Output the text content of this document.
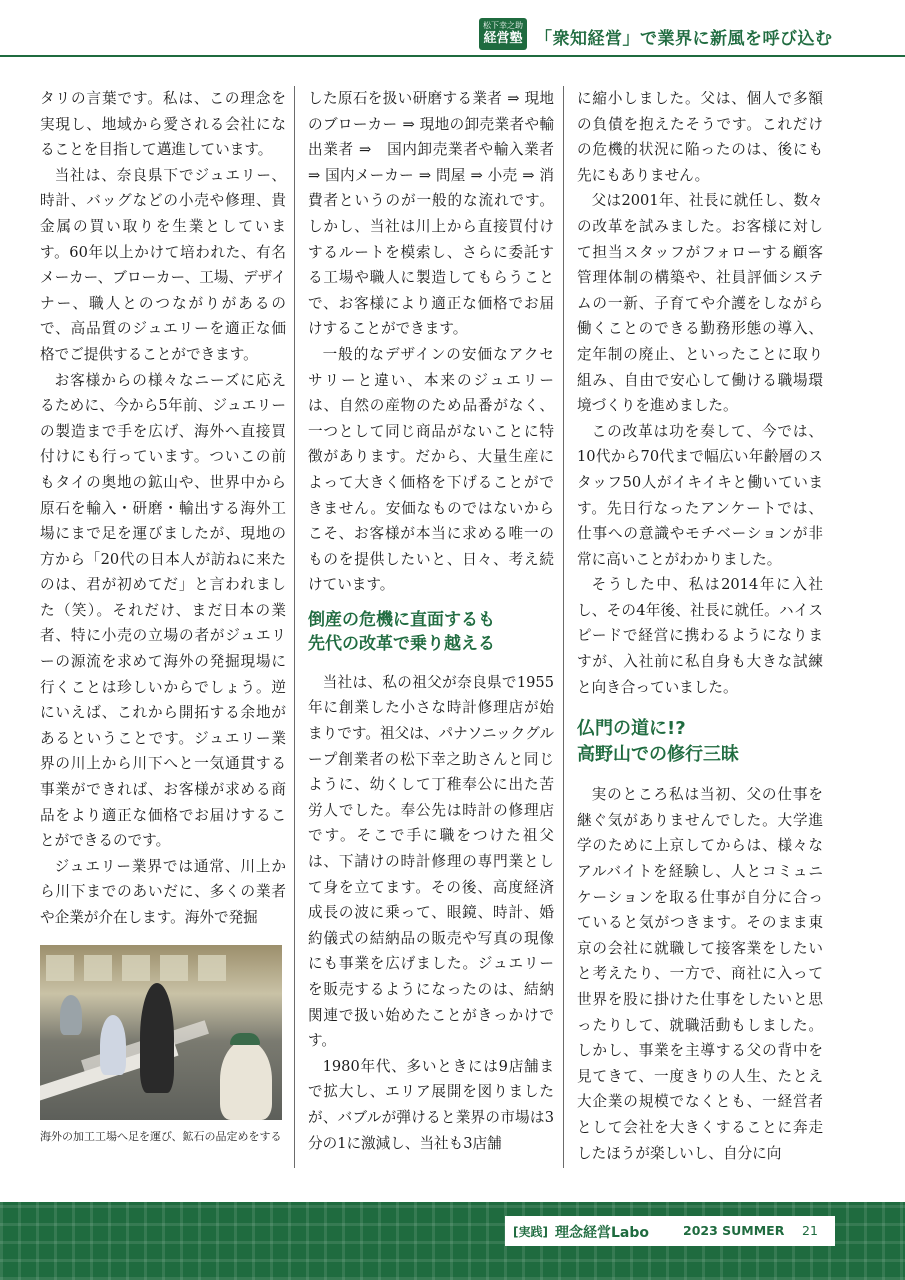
松下幸之助
経営塾 「衆知経営」で業界に新風を呼び込む

タリの言葉です。私は、この理念を実現し、地域から愛される会社になることを目指して邁進しています。

当社は、奈良県下でジュエリー、時計、バッグなどの小売や修理、貴金属の買い取りを生業としています。60年以上かけて培われた、有名メーカー、ブローカー、工場、デザイナー、職人とのつながりがあるので、高品質のジュエリーを適正な価格でご提供することができます。

お客様からの様々なニーズに応えるために、今から5年前、ジュエリーの製造まで手を広げ、海外へ直接買付けにも行っています。ついこの前もタイの奥地の鉱山や、世界中から原石を輸入・研磨・輸出する海外工場にまで足を運びましたが、現地の方から「20代の日本人が訪ねに来たのは、君が初めてだ」と言われました（笑）。それだけ、まだ日本の業者、特に小売の立場の者がジュエリーの源流を求めて海外の発掘現場に行くことは珍しいからでしょう。逆にいえば、これから開拓する余地があるということです。ジュエリー業界の川上から川下へと一気通貫する事業ができれば、お客様が求める商品をより適正な価格でお届けすることができるのです。

ジュエリー業界では通常、川上から川下までのあいだに、多くの業者や企業が介在します。海外で発掘

海外の加工工場へ足を運び、鉱石の品定めをする

した原石を扱い研磨する業者 ⇒ 現地のブローカー ⇒ 現地の卸売業者や輸出業者 ⇒　国内卸売業者や輸入業者 ⇒ 国内メーカー ⇒ 問屋 ⇒ 小売 ⇒ 消費者というのが一般的な流れです。しかし、当社は川上から直接買付けするルートを模索し、さらに委託する工場や職人に製造してもらうことで、お客様により適正な価格でお届けすることができます。

一般的なデザインの安価なアクセサリーと違い、本来のジュエリーは、自然の産物のため品番がなく、一つとして同じ商品がないことに特徴があります。だから、大量生産によって大きく価格を下げることができません。安価なものではないからこそ、お客様が本当に求める唯一のものを提供したいと、日々、考え続けています。

倒産の危機に直面するも
先代の改革で乗り越える

当社は、私の祖父が奈良県で1955年に創業した小さな時計修理店が始まりです。祖父は、パナソニックグループ創業者の松下幸之助さんと同じように、幼くして丁稚奉公に出た苦労人でした。奉公先は時計の修理店です。そこで手に職をつけた祖父は、下請けの時計修理の専門業として身を立てます。その後、高度経済成長の波に乗って、眼鏡、時計、婚約儀式の結納品の販売や写真の現像にも事業を広げました。ジュエリーを販売するようになったのは、結納関連で扱い始めたことがきっかけです。

1980年代、多いときには9店舗まで拡大し、エリア展開を図りましたが、バブルが弾けると業界の市場は3分の1に激減し、当社も3店舗

に縮小しました。父は、個人で多額の負債を抱えたそうです。これだけの危機的状況に陥ったのは、後にも先にもありません。

父は2001年、社長に就任し、数々の改革を試みました。お客様に対して担当スタッフがフォローする顧客管理体制の構築や、社員評価システムの一新、子育てや介護をしながら働くことのできる勤務形態の導入、定年制の廃止、といったことに取り組み、自由で安心して働ける職場環境づくりを進めました。

この改革は功を奏して、今では、10代から70代まで幅広い年齢層のスタッフ50人がイキイキと働いています。先日行なったアンケートでは、仕事への意識やモチベーションが非常に高いことがわかりました。

そうした中、私は2014年に入社し、その4年後、社長に就任。ハイスピードで経営に携わるようになりますが、入社前に私自身も大きな試練と向き合っていました。

仏門の道に!?
高野山での修行三昧

実のところ私は当初、父の仕事を継ぐ気がありませんでした。大学進学のために上京してからは、様々なアルバイトを経験し、人とコミュニケーションを取る仕事が自分に合っていると気がつきます。そのまま東京の会社に就職して接客業をしたいと考えたり、一方で、商社に入って世界を股に掛けた仕事をしたいと思ったりして、就職活動もしました。しかし、事業を主導する父の背中を見てきて、一度きりの人生、たとえ大企業の規模でなくとも、一経営者として会社を大きくすることに奔走したほうが楽しいし、自分に向

[実践] 理念経営Labo	2023 SUMMER 21
